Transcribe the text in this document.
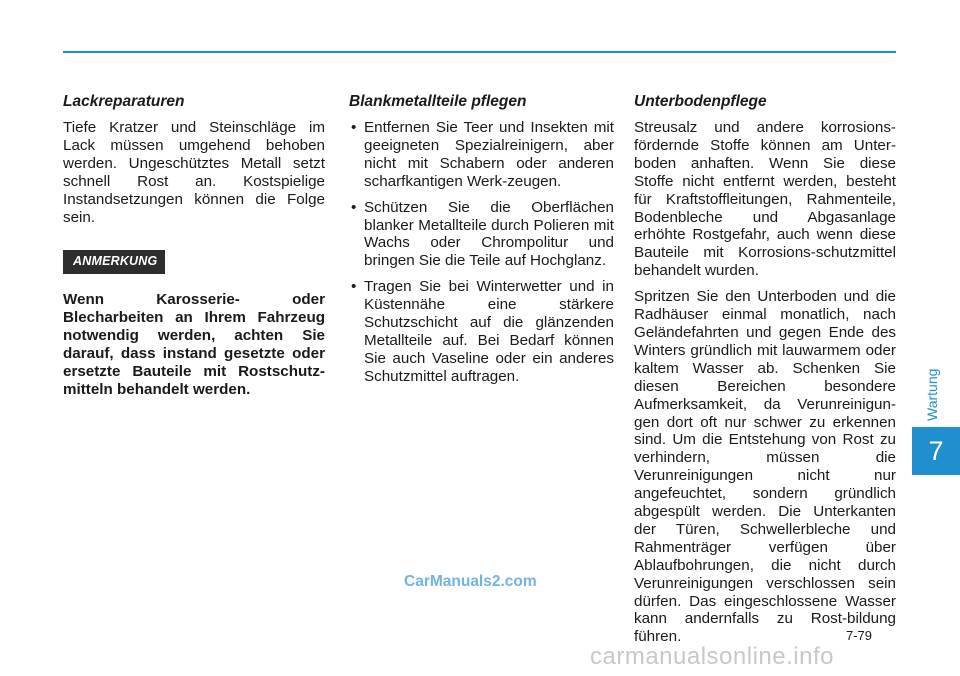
Lackreparaturen

Tiefe Kratzer und Steinschläge im Lack müssen umgehend behoben werden. Ungeschütztes Metall setzt schnell Rost an. Kostspielige Instandsetzungen können die Folge sein.

ANMERKUNG

Wenn Karosserie- oder Blecharbeiten an Ihrem Fahrzeug notwendig werden, achten Sie darauf, dass instand gesetzte oder ersetzte Bauteile mit Rostschutz-mitteln behandelt werden.

Blankmetallteile pflegen
• Entfernen Sie Teer und Insekten mit geeigneten Spezialreinigern, aber nicht mit Schabern oder anderen scharfkantigen Werk-zeugen.
• Schützen Sie die Oberflächen blanker Metallteile durch Polieren mit Wachs oder Chrompolitur und bringen Sie die Teile auf Hochglanz.
• Tragen Sie bei Winterwetter und in Küstennähe eine stärkere Schutzschicht auf die glänzenden Metallteile auf. Bei Bedarf können Sie auch Vaseline oder ein anderes Schutzmittel auftragen.
Unterbodenpflege

Streusalz und andere korrosions-fördernde Stoffe können am Unter-boden anhaften. Wenn Sie diese Stoffe nicht entfernt werden, besteht für Kraftstoffleitungen, Rahmenteile, Bodenbleche und Abgasanlage erhöhte Rostgefahr, auch wenn diese Bauteile mit Korrosions-schutzmittel behandelt wurden.

Spritzen Sie den Unterboden und die Radhäuser einmal monatlich, nach Geländefahrten und gegen Ende des Winters gründlich mit lauwarmem oder kaltem Wasser ab. Schenken Sie diesen Bereichen besondere Aufmerksamkeit, da Verunreinigun-gen dort oft nur schwer zu erkennen sind. Um die Entstehung von Rost zu verhindern, müssen die Verunreinigungen nicht nur angefeuchtet, sondern gründlich abgespült werden. Die Unterkanten der Türen, Schwellerbleche und Rahmenträger verfügen über Ablaufbohrungen, die nicht durch Verunreinigungen verschlossen sein dürfen. Das eingeschlossene Wasser kann andernfalls zu Rost-bildung führen.

Wartung
7
7-79
CarManuals2.com
carmanualsonline.info
